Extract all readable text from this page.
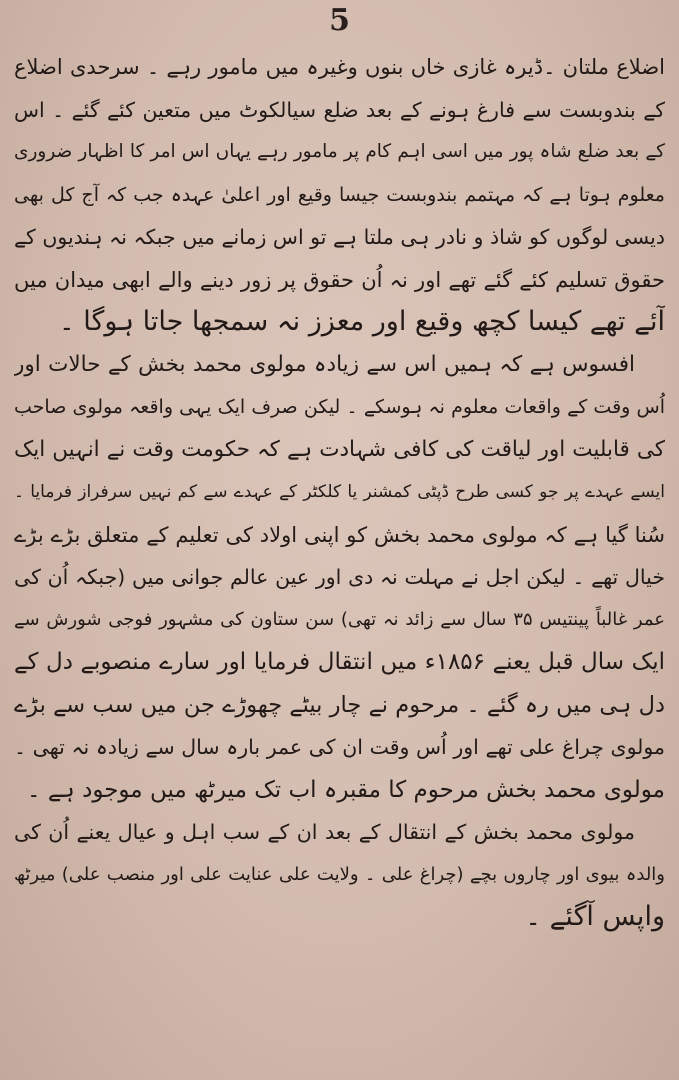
5
اضلاع ملتان ۔ڈیرہ غازی خاں بنوں وغیرہ میں مامور رہے ۔ سرحدی اضلاع
کے بندوبست سے فارغ ہونے کے بعد ضلع سیالکوٹ میں متعین کئے گئے ۔ اس
کے بعد ضلع شاہ پور میں اسی اہم کام پر مامور رہے یہاں اس امر کا اظہار ضروری
معلوم ہوتا ہے کہ مہتمم بندوبست جیسا وقیع اور اعلیٰ عہدہ جب کہ آج کل بھی
دیسی لوگوں کو شاذ و نادر ہی ملتا ہے تو اس زمانے میں جبکہ نہ ہندیوں کے
حقوق تسلیم کئے گئے تھے اور نہ اُن حقوق پر زور دینے والے ابھی میدان میں
آئے تھے کیسا کچھ وقیع اور معزز نہ سمجھا جاتا ہوگا ۔
افسوس ہے کہ ہمیں اس سے زیادہ مولوی محمد بخش کے حالات اور
اُس وقت کے واقعات معلوم نہ ہوسکے ۔ لیکن صرف ایک یہی واقعہ مولوی صاحب
کی قابلیت اور لیاقت کی کافی شہادت ہے کہ حکومت وقت نے انہیں ایک
ایسے عہدے پر جو کسی طرح ڈپٹی کمشنر یا کلکٹر کے عہدے سے کم نہیں سرفراز فرمایا ۔
سُنا گیا ہے کہ مولوی محمد بخش کو اپنی اولاد کی تعلیم کے متعلق بڑے بڑے
خیال تھے ۔ لیکن اجل نے مہلت نہ دی اور عین عالم جوانی میں (جبکہ اُن کی
عمر غالباً پینتیس ۳۵ سال سے زائد نہ تھی) سن ستاون کی مشہور فوجی شورش سے
ایک سال قبل یعنے ۱۸۵۶ء میں انتقال فرمایا اور سارے منصوبے دل کے
دل ہی میں رہ گئے ۔ مرحوم نے چار بیٹے چھوڑے جن میں سب سے بڑے
مولوی چراغ علی تھے اور اُس وقت ان کی عمر بارہ سال سے زیادہ نہ تھی ۔
مولوی محمد بخش مرحوم کا مقبرہ اب تک میرٹھ میں موجود ہے ۔
مولوی محمد بخش کے انتقال کے بعد ان کے سب اہل و عیال یعنے اُن کی
والدہ بیوی اور چاروں بچے (چراغ علی ۔ ولایت علی عنایت علی اور منصب علی) میرٹھ
واپس آگئے ۔
